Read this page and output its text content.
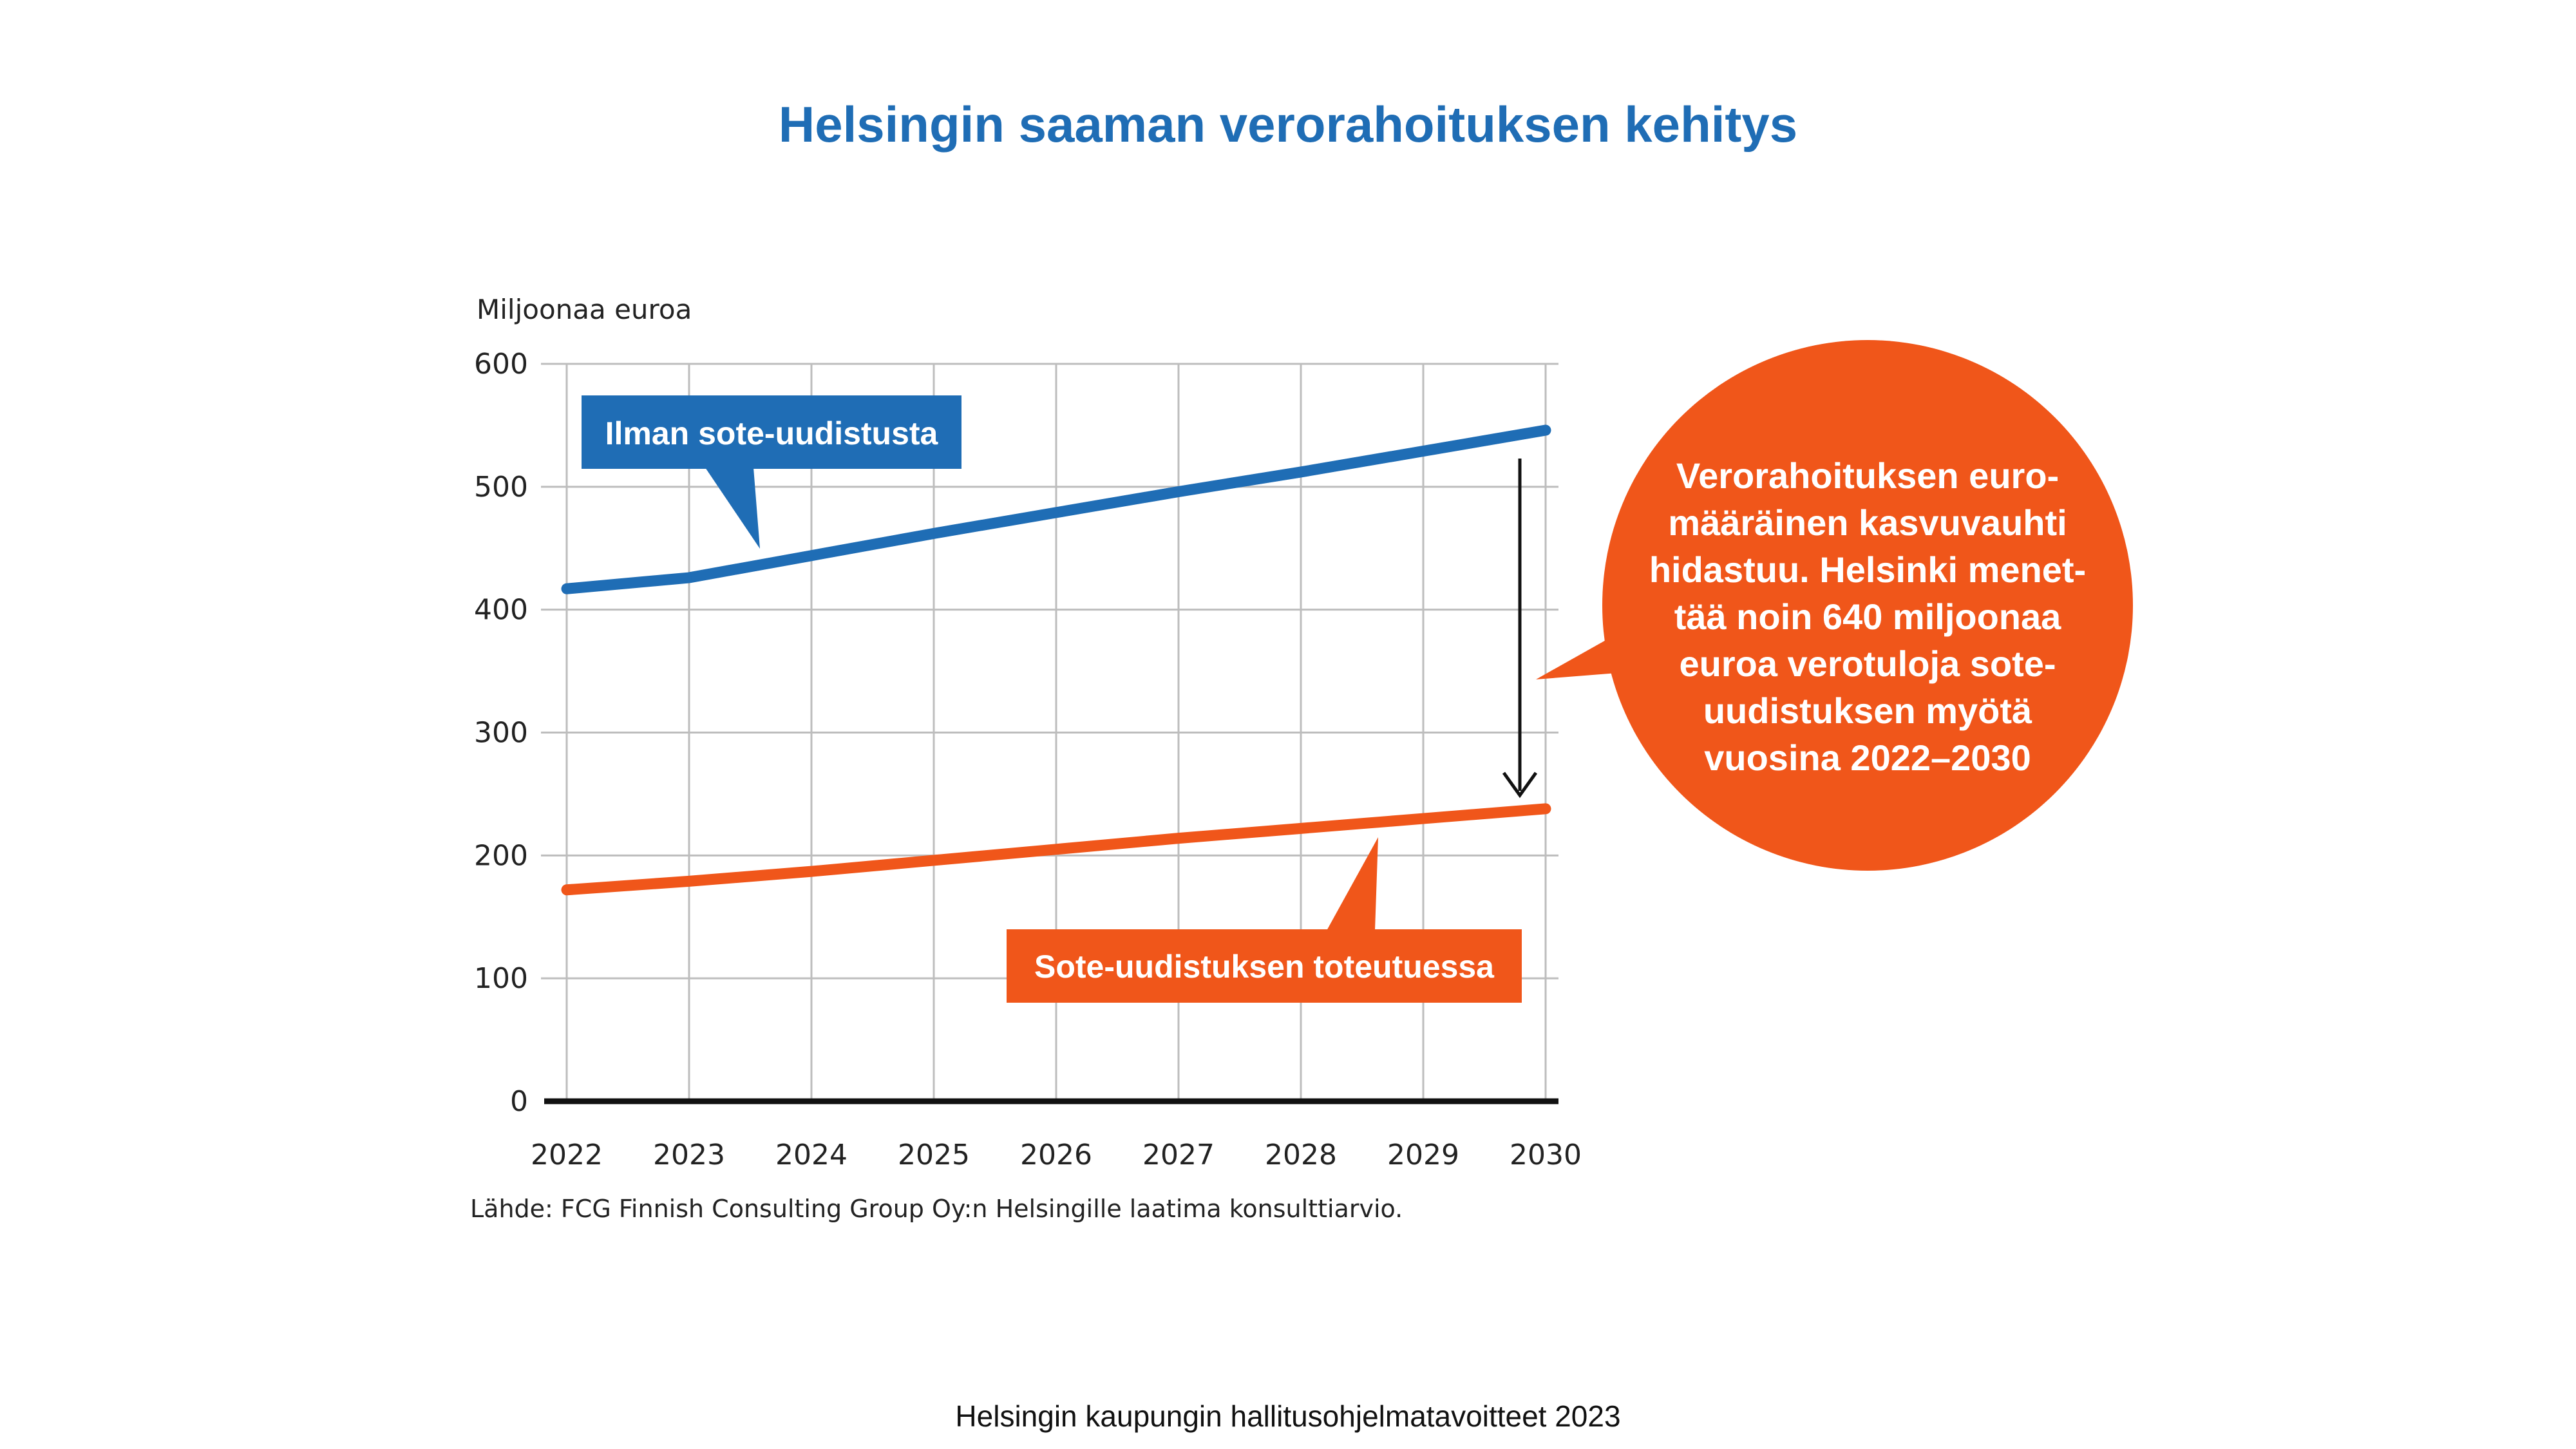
Helsingin saaman verorahoituksen kehitys
0
100
200
300
400
500
600
2022 2023 2024 2025 2026 2027 2028 2029 2030
Miljoonaa euroa
Lähde: FCG Finnish Consulting Group Oy:n Helsingille laatima konsulttiarvio.
Ilman sote-uudistusta
Sote-uudistuksen toteutuessa
Verorahoituksen euro-
määräinen kasvuvauhti
hidastuu. Helsinki menet-
tää noin 640 miljoonaa
euroa verotuloja sote-
uudistuksen myötä
vuosina 2022–2030
Helsingin kaupungin hallitusohjelmatavoitteet 2023
